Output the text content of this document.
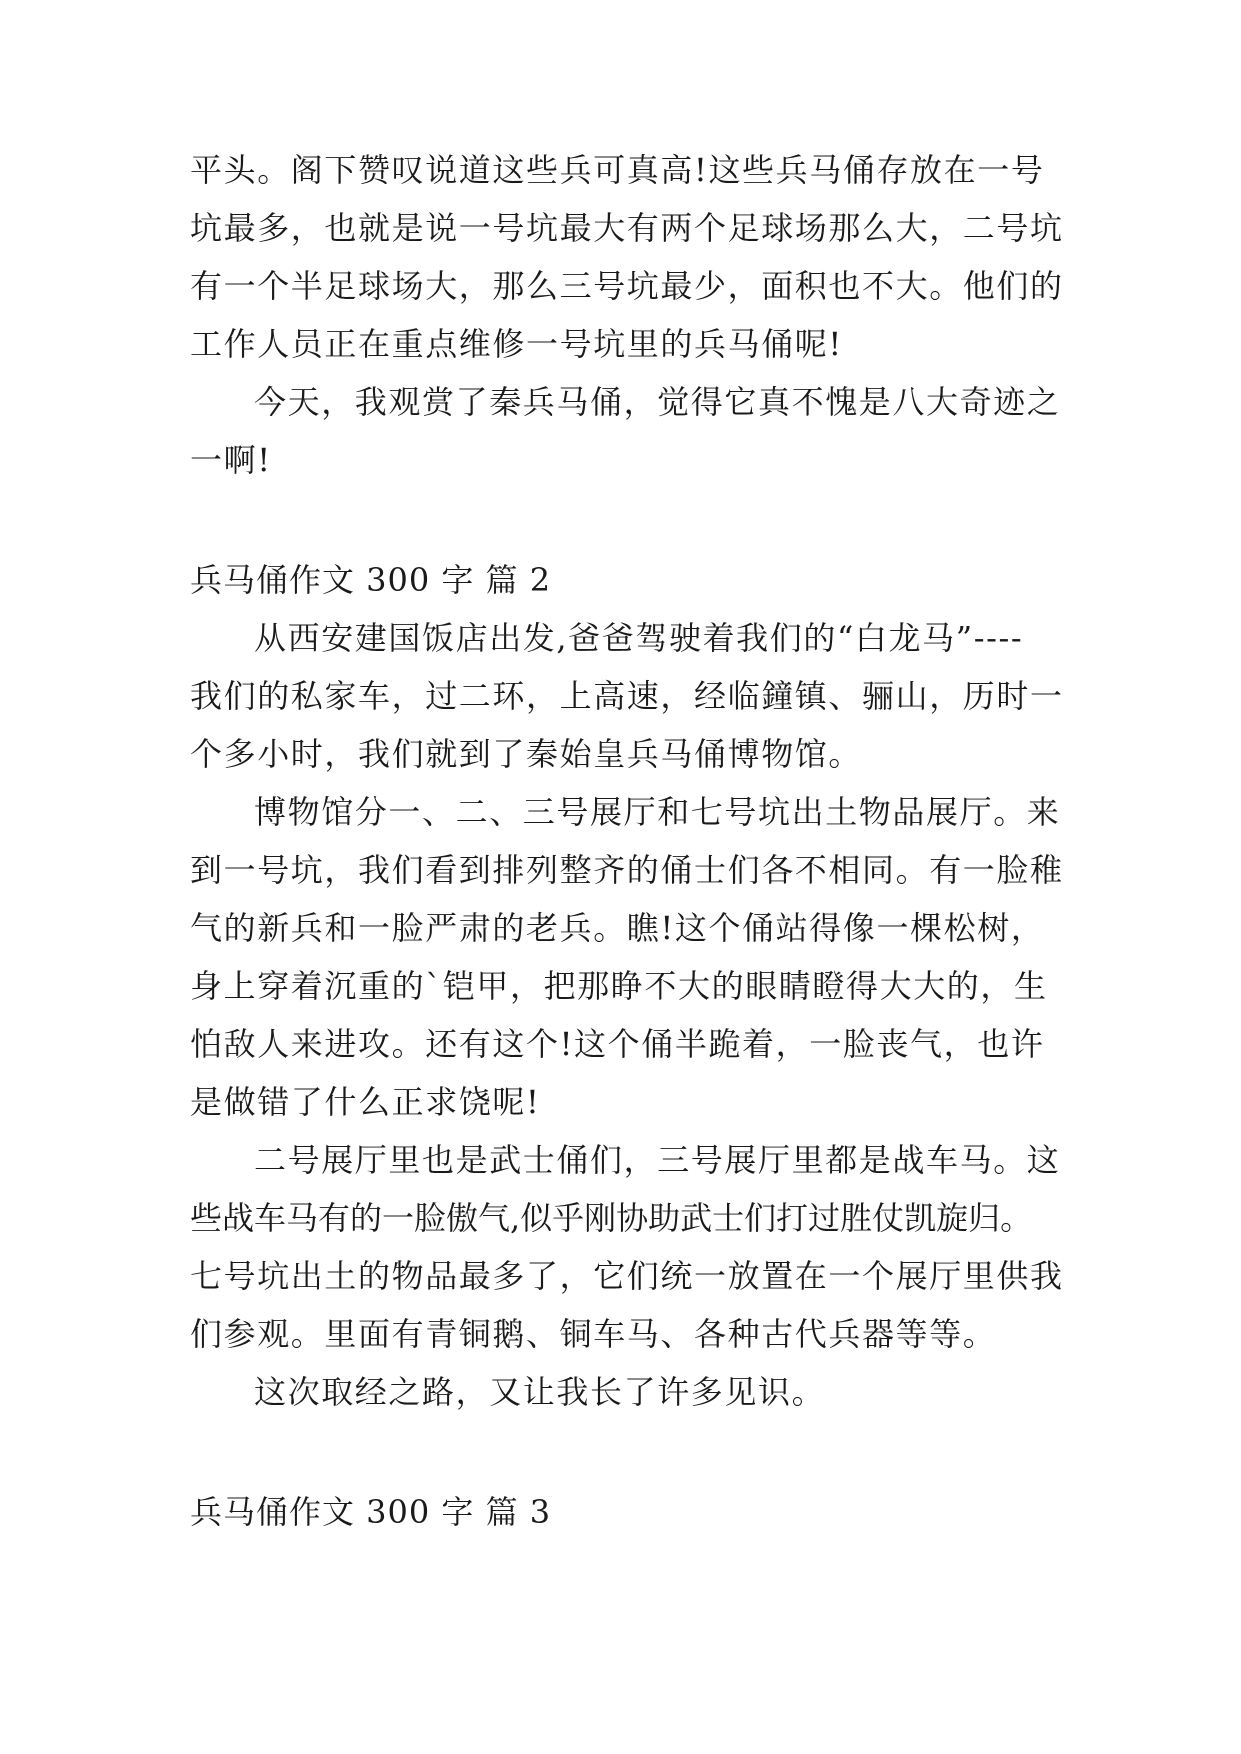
平头。阁下赞叹说道这些兵可真高!这些兵马俑存放在一号
坑最多，也就是说一号坑最大有两个足球场那么大，二号坑
有一个半足球场大，那么三号坑最少，面积也不大。他们的
工作人员正在重点维修一号坑里的兵马俑呢!
今天，我观赏了秦兵马俑，觉得它真不愧是八大奇迹之
一啊!
兵马俑作文 300 字 篇 2
从西安建国饭店出发,爸爸驾驶着我们的“白龙马”----
我们的私家车，过二环，上高速，经临鐘镇、骊山，历时一
个多小时，我们就到了秦始皇兵马俑博物馆。
博物馆分一、二、三号展厅和七号坑出土物品展厅。来
到一号坑，我们看到排列整齐的俑士们各不相同。有一脸稚
气的新兵和一脸严肃的老兵。瞧!这个俑站得像一棵松树，
身上穿着沉重的`铠甲，把那睁不大的眼睛瞪得大大的，生
怕敌人来进攻。还有这个!这个俑半跪着，一脸丧气，也许
是做错了什么正求饶呢!
二号展厅里也是武士俑们，三号展厅里都是战车马。这
些战车马有的一脸傲气,似乎刚协助武士们打过胜仗凯旋归。
七号坑出土的物品最多了，它们统一放置在一个展厅里供我
们参观。里面有青铜鹅、铜车马、各种古代兵器等等。
这次取经之路，又让我长了许多见识。
兵马俑作文 300 字 篇 3
